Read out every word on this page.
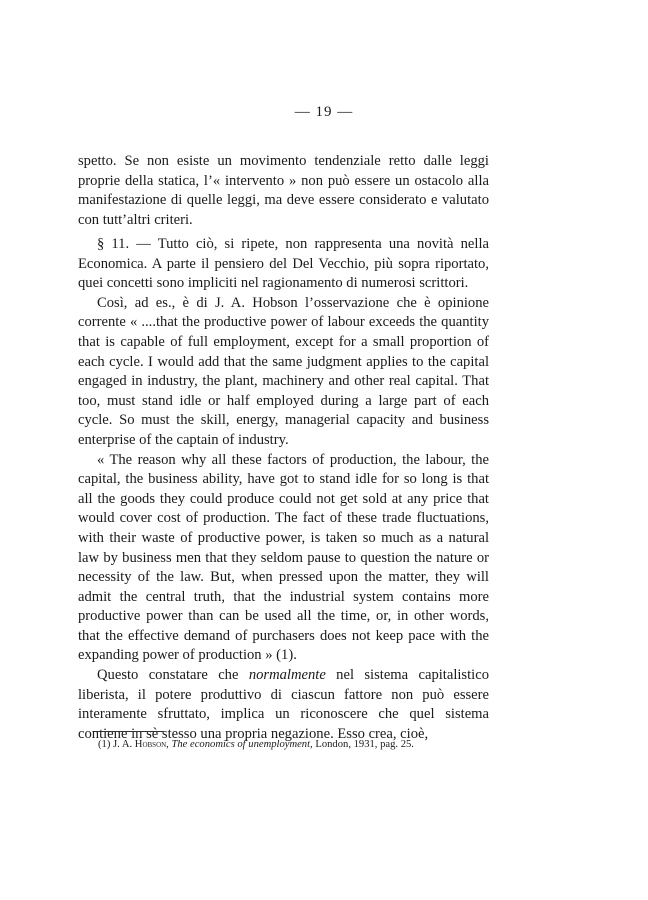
— 19 —

spetto. Se non esiste un movimento tendenziale retto dalle leggi proprie della statica, l’« intervento » non può essere un ostacolo alla manifestazione di quelle leggi, ma deve essere considerato e valutato con tutt’altri criteri.

§ 11. — Tutto ciò, si ripete, non rappresenta una novità nella Economica. A parte il pensiero del Del Vecchio, più sopra riportato, quei concetti sono impliciti nel ragionamento di numerosi scrittori.

Così, ad es., è di J. A. Hobson l’osservazione che è opinione corrente « ....that the productive power of labour exceeds the quantity that is capable of full employment, except for a small proportion of each cycle. I would add that the same judgment applies to the capital engaged in industry, the plant, machinery and other real capital. That too, must stand idle or half employed during a large part of each cycle. So must the skill, energy, managerial capacity and business enterprise of the captain of industry.

« The reason why all these factors of production, the labour, the capital, the business ability, have got to stand idle for so long is that all the goods they could produce could not get sold at any price that would cover cost of production. The fact of these trade fluctuations, with their waste of productive power, is taken so much as a natural law by business men that they seldom pause to question the nature or necessity of the law. But, when pressed upon the matter, they will admit the central truth, that the industrial system contains more productive power than can be used all the time, or, in other words, that the effective demand of purchasers does not keep pace with the expanding power of production » (1).

Questo constatare che normalmente nel sistema capitalistico liberista, il potere produttivo di ciascun fattore non può essere interamente sfruttato, implica un riconoscere che quel sistema contiene in sè stesso una propria negazione. Esso crea, cioè,

(1) J. A. Hobson, The economics of unemployment, London, 1931, pag. 25.
